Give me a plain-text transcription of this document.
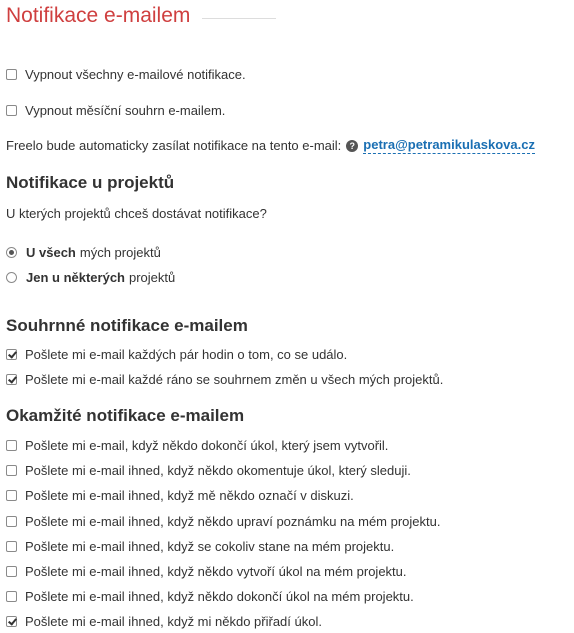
Notifikace e-mailem
Vypnout všechny e-mailové notifikace.
Vypnout měsíční souhrn e-mailem.
Freelo bude automaticky zasílat notifikace na tento e-mail: ? petra@petramikulaskova.cz
Notifikace u projektů
U kterých projektů chceš dostávat notifikace?
U všech mých projektů
Jen u některých projektů
Souhrnné notifikace e-mailem
Pošlete mi e-mail každých pár hodin o tom, co se událo.
Pošlete mi e-mail každé ráno se souhrnem změn u všech mých projektů.
Okamžité notifikace e-mailem
Pošlete mi e-mail, když někdo dokončí úkol, který jsem vytvořil.
Pošlete mi e-mail ihned, když někdo okomentuje úkol, který sleduji.
Pošlete mi e-mail ihned, když mě někdo označí v diskuzi.
Pošlete mi e-mail ihned, když někdo upraví poznámku na mém projektu.
Pošlete mi e-mail ihned, když se cokoliv stane na mém projektu.
Pošlete mi e-mail ihned, když někdo vytvoří úkol na mém projektu.
Pošlete mi e-mail ihned, když někdo dokončí úkol na mém projektu.
Pošlete mi e-mail ihned, když mi někdo přiřadí úkol.
